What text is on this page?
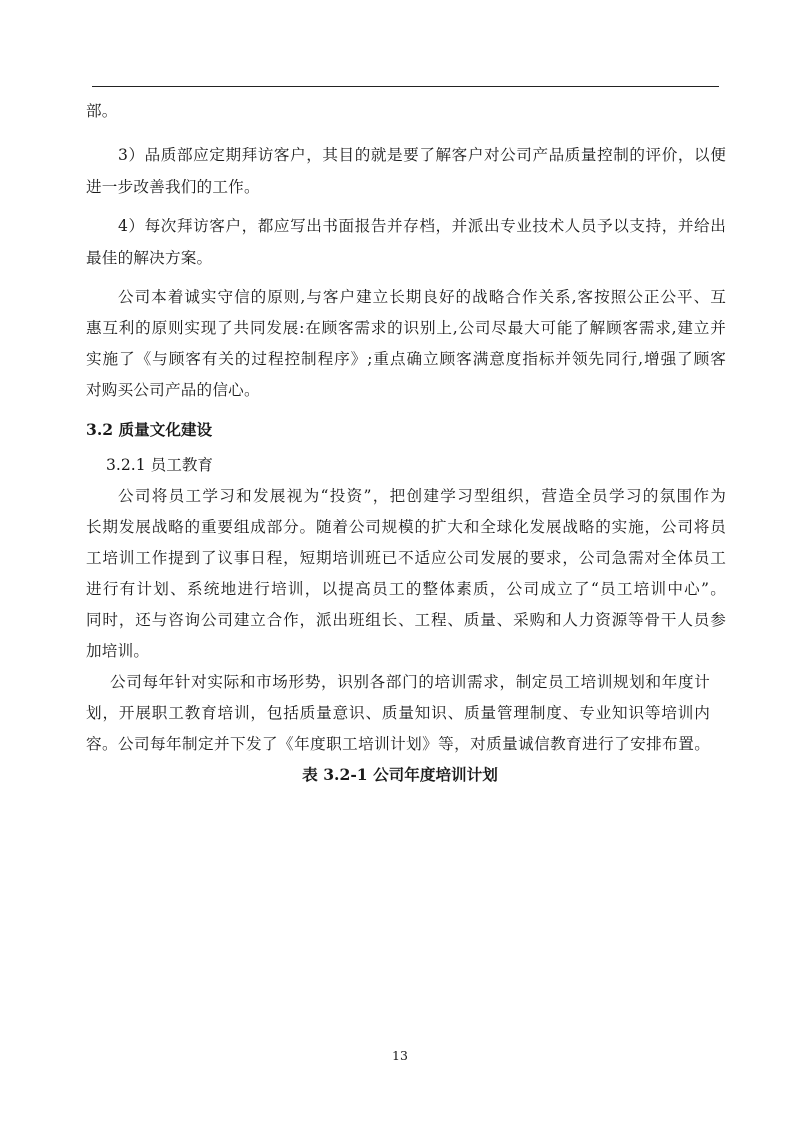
部。
3）品质部应定期拜访客户，其目的就是要了解客户对公司产品质量控制的评价，以便
进一步改善我们的工作。
4）每次拜访客户，都应写出书面报告并存档，并派出专业技术人员予以支持，并给出
最佳的解决方案。
公司本着诚实守信的原则,与客户建立长期良好的战略合作关系,客按照公正公平、互
惠互利的原则实现了共同发展:在顾客需求的识别上,公司尽最大可能了解顾客需求,建立并
实施了《与顾客有关的过程控制程序》;重点确立顾客满意度指标并领先同行,增强了顾客
对购买公司产品的信心。
3.2 质量文化建设
3.2.1 员工教育
公司将员工学习和发展视为“投资”，把创建学习型组织，营造全员学习的氛围作为
长期发展战略的重要组成部分。随着公司规模的扩大和全球化发展战略的实施，公司将员
工培训工作提到了议事日程，短期培训班已不适应公司发展的要求，公司急需对全体员工
进行有计划、系统地进行培训，以提高员工的整体素质，公司成立了“员工培训中心”。
同时，还与咨询公司建立合作，派出班组长、工程、质量、采购和人力资源等骨干人员参
加培训。
公司每年针对实际和市场形势，识别各部门的培训需求，制定员工培训规划和年度计
划，开展职工教育培训，包括质量意识、质量知识、质量管理制度、专业知识等培训内
容。公司每年制定并下发了《年度职工培训计划》等，对质量诚信教育进行了安排布置。
表 3.2-1 公司年度培训计划
13
